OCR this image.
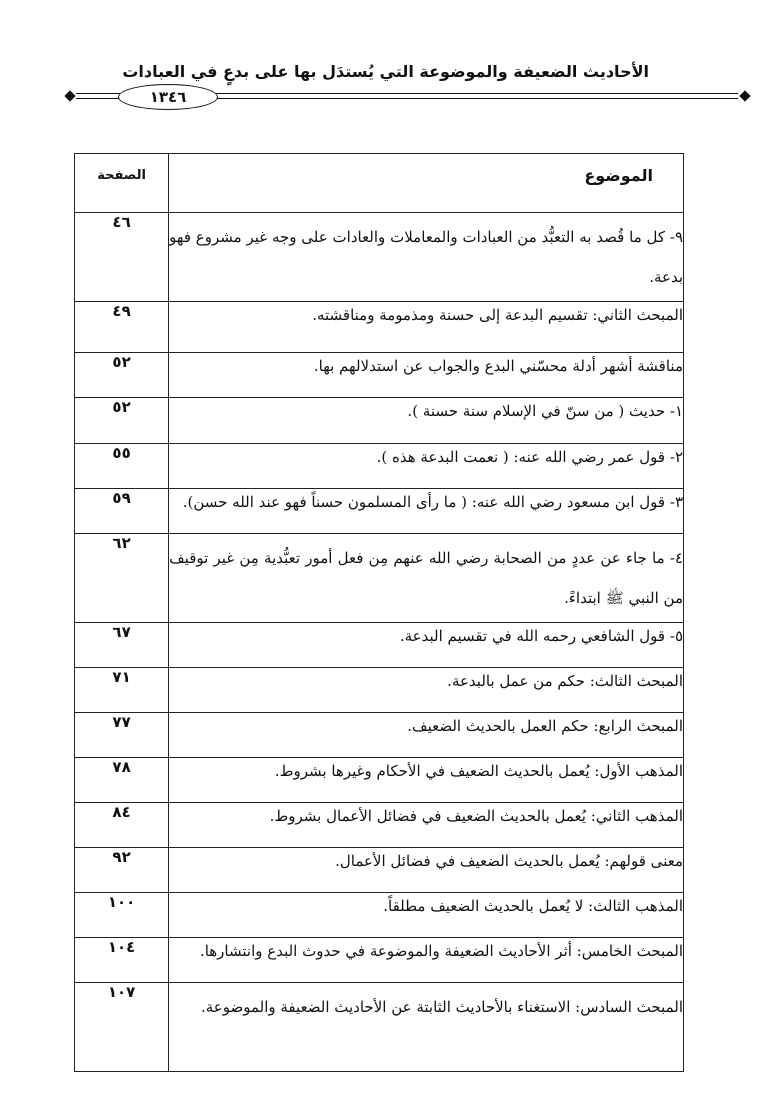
الأحاديث الضعيفة والموضوعة التي يُستدَل بها على بدعٍ في العبادات
١٣٤٦
الموضوع	الصفحة
٩- كل ما قُصد به التعبُّد من العبادات والمعاملات والعادات على وجه غير مشروع فهو بدعة.	٤٦
المبحث الثاني: تقسيم البدعة إلى حسنة ومذمومة ومناقشته.	٤٩
مناقشة أشهر أدلة محسّني البدع والجواب عن استدلالهم بها.	٥٢
١- حديث ( من سنّ في الإسلام سنة حسنة ).	٥٢
٢- قول عمر رضي الله عنه: ( نعمت البدعة هذه ).	٥٥
٣- قول ابن مسعود رضي الله عنه: ( ما رأى المسلمون حسناً فهو عند الله حسن).	٥٩
٤- ما جاء عن عددٍ من الصحابة رضي الله عنهم مِن فعل أمور تعبُّدية مِن غير توقيف من النبي ﷺ ابتداءً.	٦٢
٥- قول الشافعي رحمه الله في تقسيم البدعة.	٦٧
المبحث الثالث: حكم من عمل بالبدعة.	٧١
المبحث الرابع: حكم العمل بالحديث الضعيف.	٧٧
المذهب الأول: يُعمل بالحديث الضعيف في الأحكام وغيرها بشروط.	٧٨
المذهب الثاني: يُعمل بالحديث الضعيف في فضائل الأعمال بشروط.	٨٤
معنى قولهم: يُعمل بالحديث الضعيف في فضائل الأعمال.	٩٢
المذهب الثالث: لا يُعمل بالحديث الضعيف مطلقاً.	١٠٠
المبحث الخامس: أثر الأحاديث الضعيفة والموضوعة في حدوث البدع وانتشارها.	١٠٤
المبحث السادس: الاستغناء بالأحاديث الثابتة عن الأحاديث الضعيفة والموضوعة.	١٠٧
